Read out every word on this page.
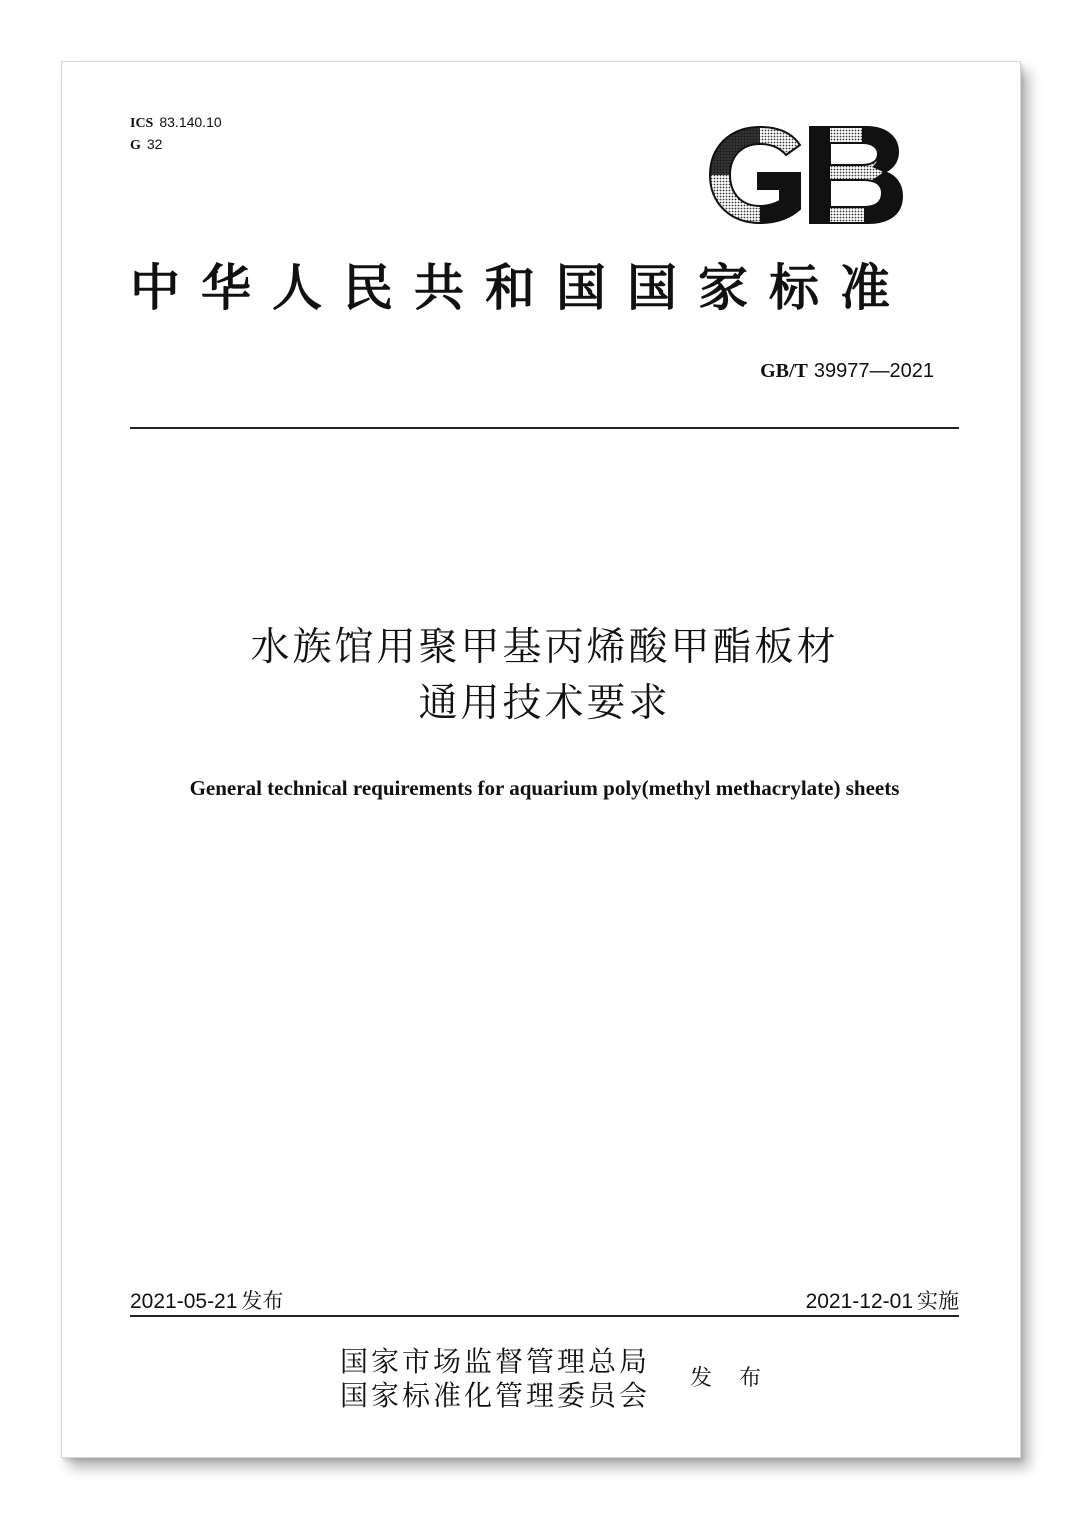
ICS 83.140.10
G 32
中华人民共和国国家标准
GB/T 39977—2021
水族馆用聚甲基丙烯酸甲酯板材
通用技术要求
General technical requirements for aquarium poly(methyl methacrylate) sheets
2021-05-21 发布	2021-12-01 实施
国家市场监督管理总局
国家标准化管理委员会
发 布
